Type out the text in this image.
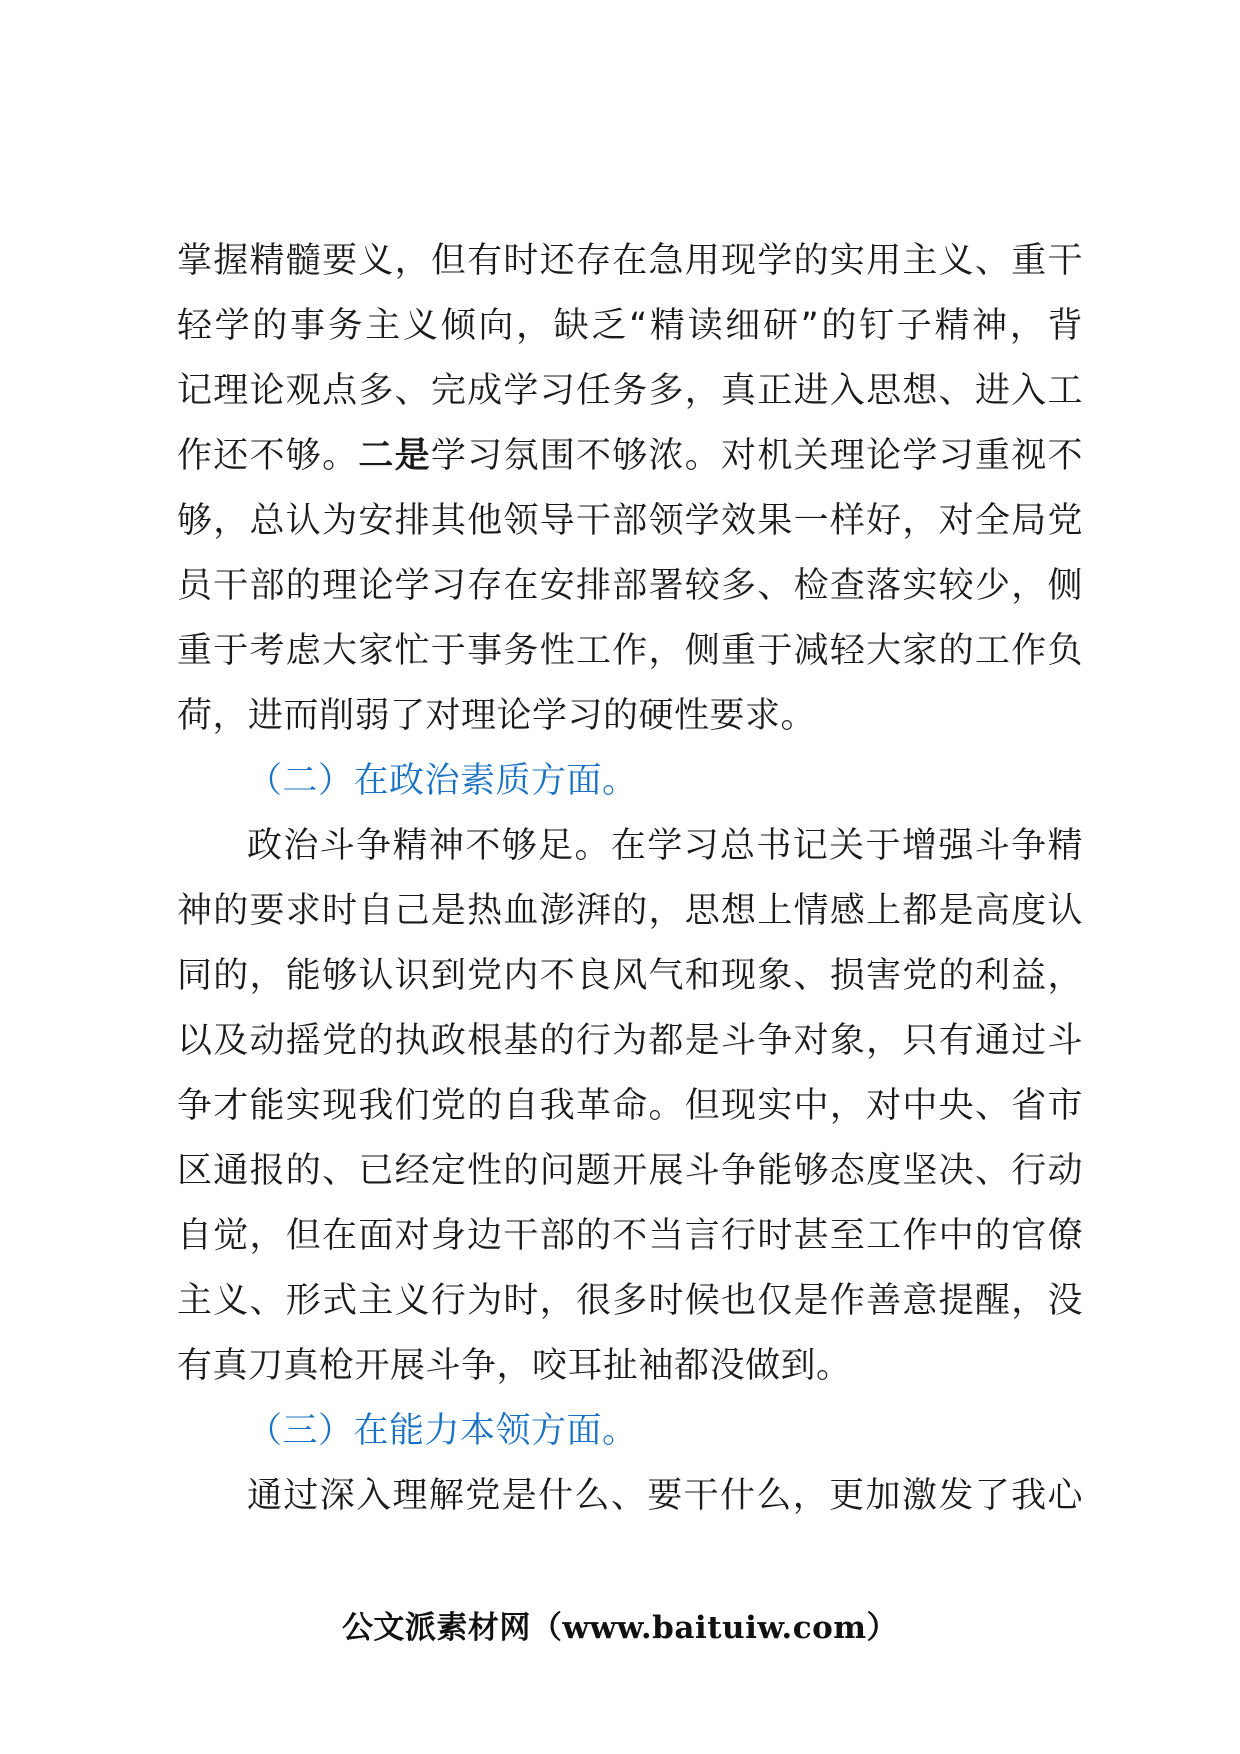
掌握精髓要义，但有时还存在急用现学的实用主义、重干
轻学的事务主义倾向，缺乏“精读细研”的钉子精神，背
记理论观点多、完成学习任务多，真正进入思想、进入工
作还不够。二是学习氛围不够浓。对机关理论学习重视不
够，总认为安排其他领导干部领学效果一样好，对全局党
员干部的理论学习存在安排部署较多、检查落实较少，侧
重于考虑大家忙于事务性工作，侧重于减轻大家的工作负
荷，进而削弱了对理论学习的硬性要求。
（二）在政治素质方面。
政治斗争精神不够足。在学习总书记关于增强斗争精
神的要求时自己是热血澎湃的，思想上情感上都是高度认
同的，能够认识到党内不良风气和现象、损害党的利益，
以及动摇党的执政根基的行为都是斗争对象，只有通过斗
争才能实现我们党的自我革命。但现实中，对中央、省市
区通报的、已经定性的问题开展斗争能够态度坚决、行动
自觉，但在面对身边干部的不当言行时甚至工作中的官僚
主义、形式主义行为时，很多时候也仅是作善意提醒，没
有真刀真枪开展斗争，咬耳扯袖都没做到。
（三）在能力本领方面。
通过深入理解党是什么、要干什么，更加激发了我心
公文派素材网（www.baituiw.com）
